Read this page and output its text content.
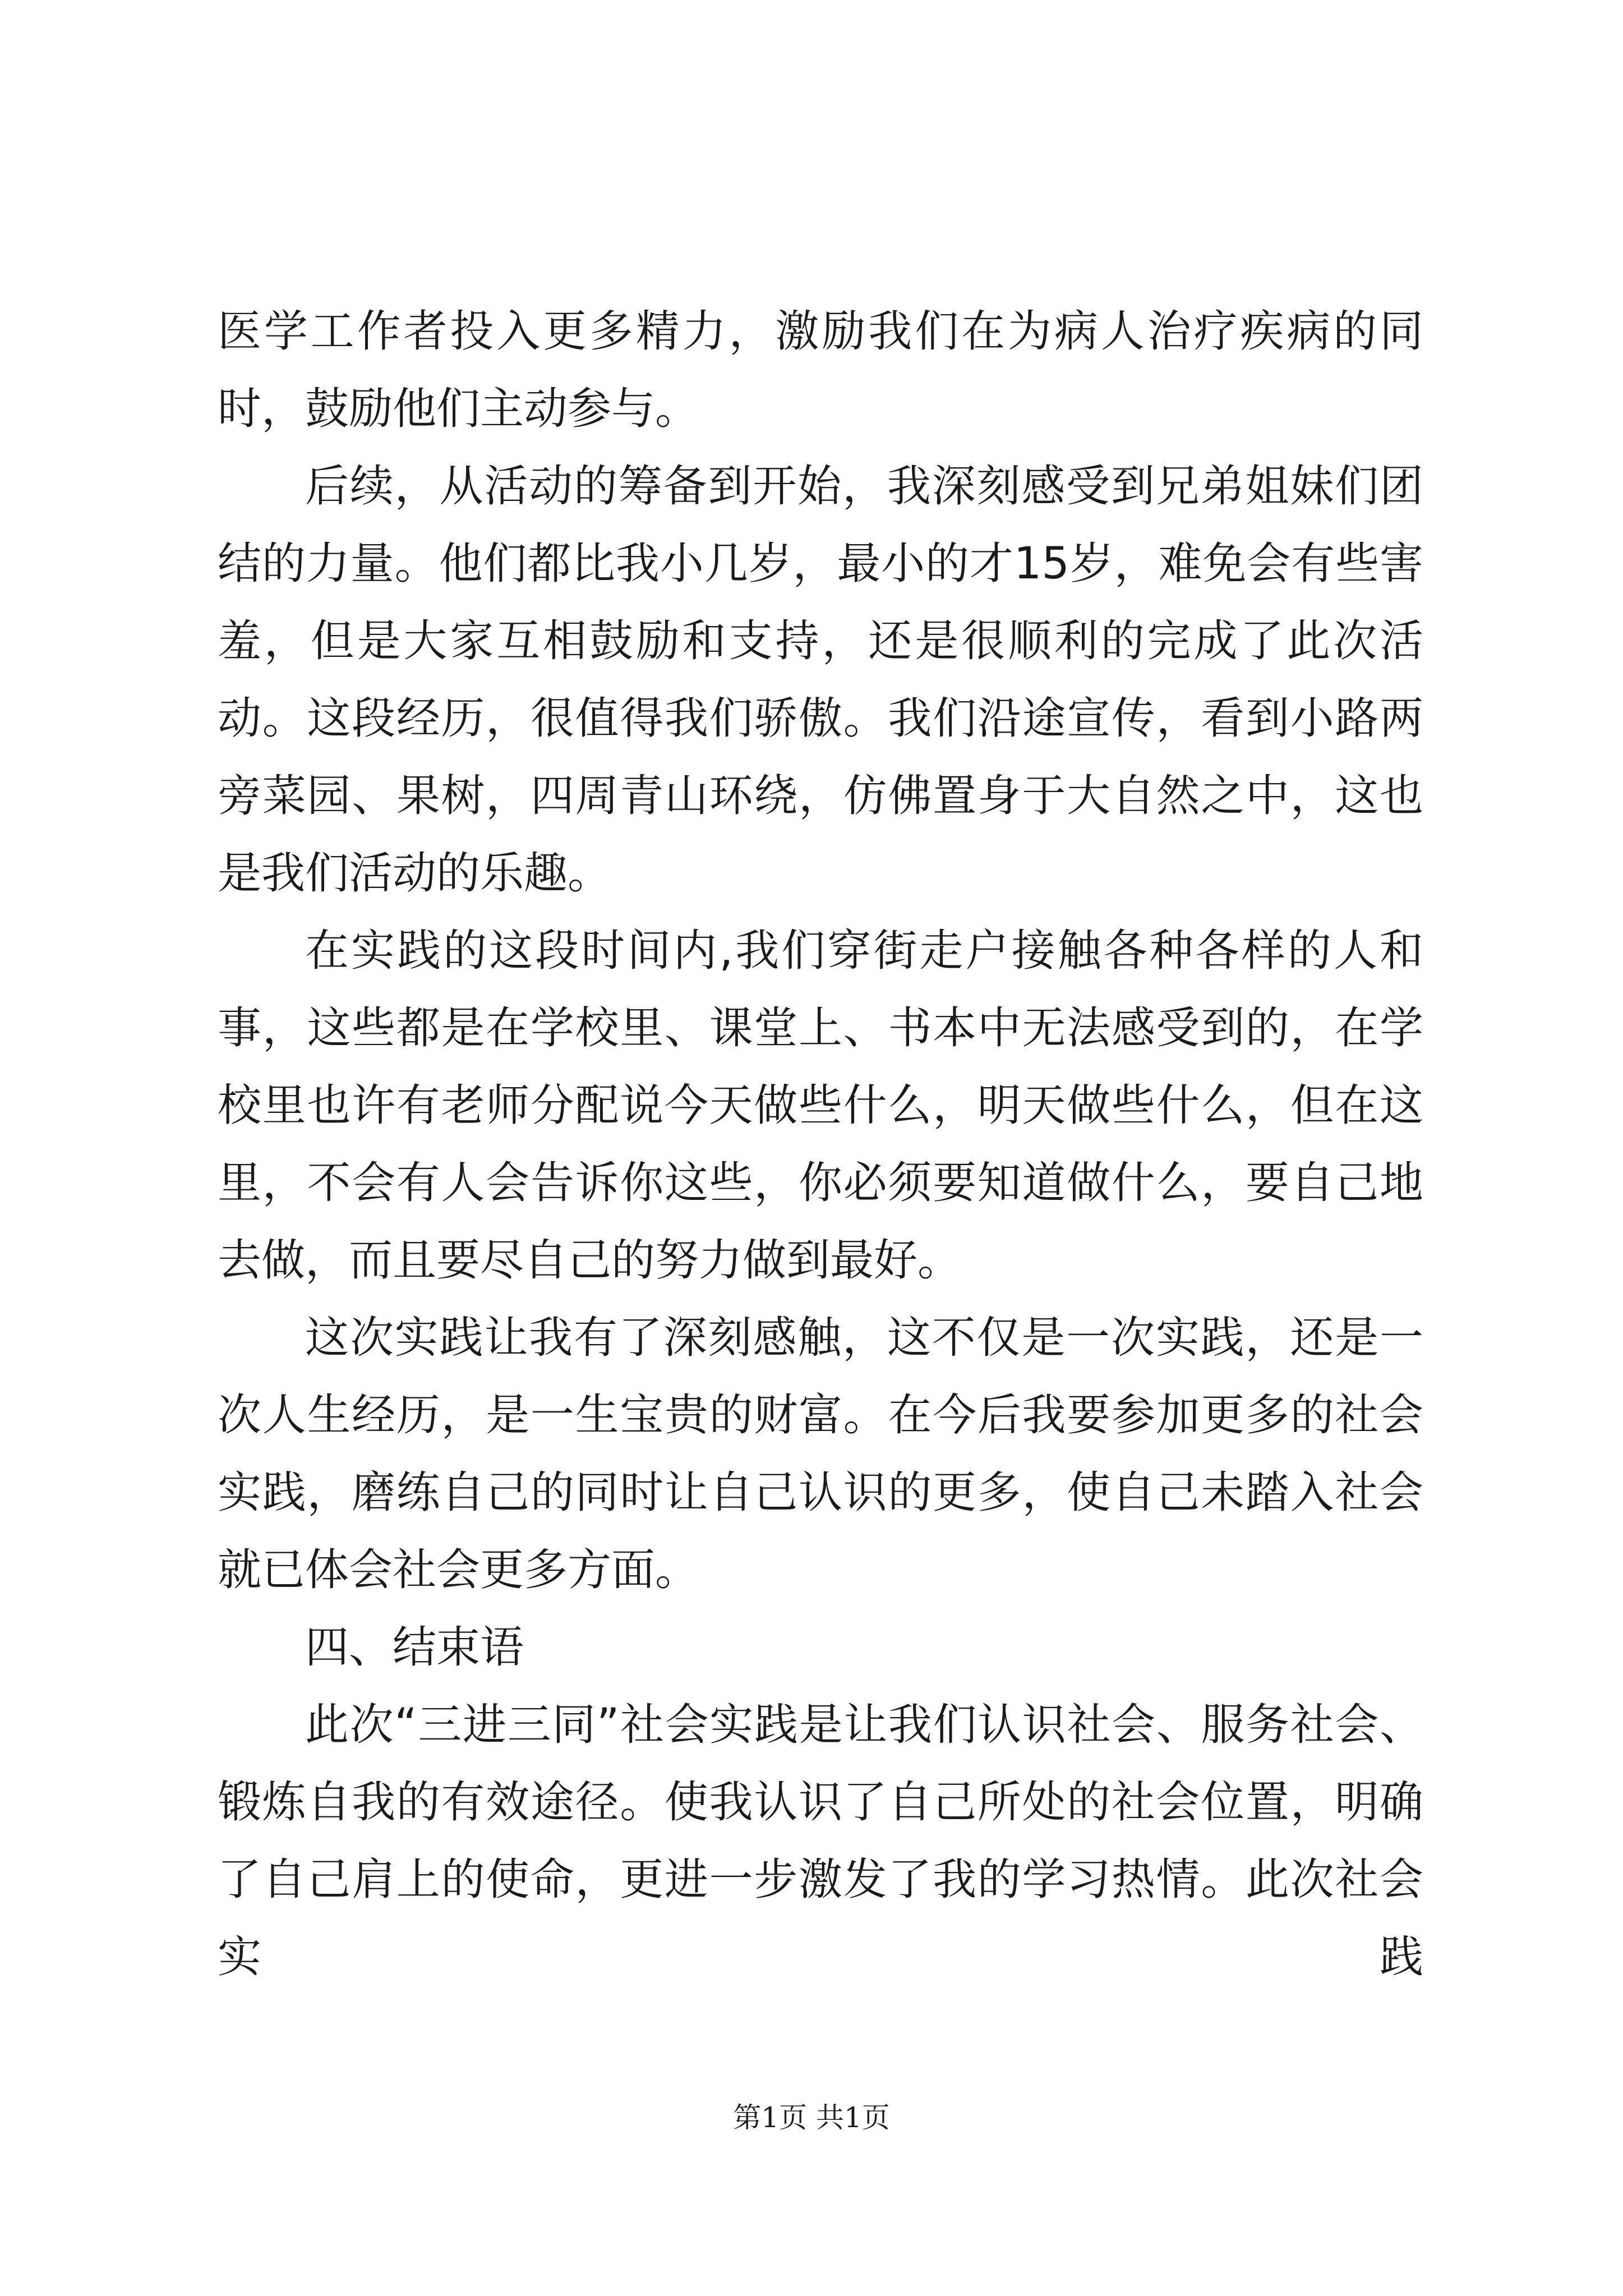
医学工作者投入更多精力，激励我们在为病人治疗疾病的同时，鼓励他们主动参与。

后续，从活动的筹备到开始，我深刻感受到兄弟姐妹们团结的力量。他们都比我小几岁，最小的才15岁，难免会有些害羞，但是大家互相鼓励和支持，还是很顺利的完成了此次活动。这段经历，很值得我们骄傲。我们沿途宣传，看到小路两旁菜园、果树，四周青山环绕，仿佛置身于大自然之中，这也是我们活动的乐趣。

在实践的这段时间内,我们穿街走户接触各种各样的人和事，这些都是在学校里、课堂上、书本中无法感受到的，在学校里也许有老师分配说今天做些什么，明天做些什么，但在这里，不会有人会告诉你这些，你必须要知道做什么，要自己地去做，而且要尽自己的努力做到最好。

这次实践让我有了深刻感触，这不仅是一次实践，还是一次人生经历，是一生宝贵的财富。在今后我要参加更多的社会实践，磨练自己的同时让自己认识的更多，使自己未踏入社会就已体会社会更多方面。

四、结束语

此次“三进三同”社会实践是让我们认识社会、服务社会、锻炼自我的有效途径。使我认识了自己所处的社会位置，明确了自己肩上的使命，更进一步激发了我的学习热情。此次社会实践

第1页 共1页
